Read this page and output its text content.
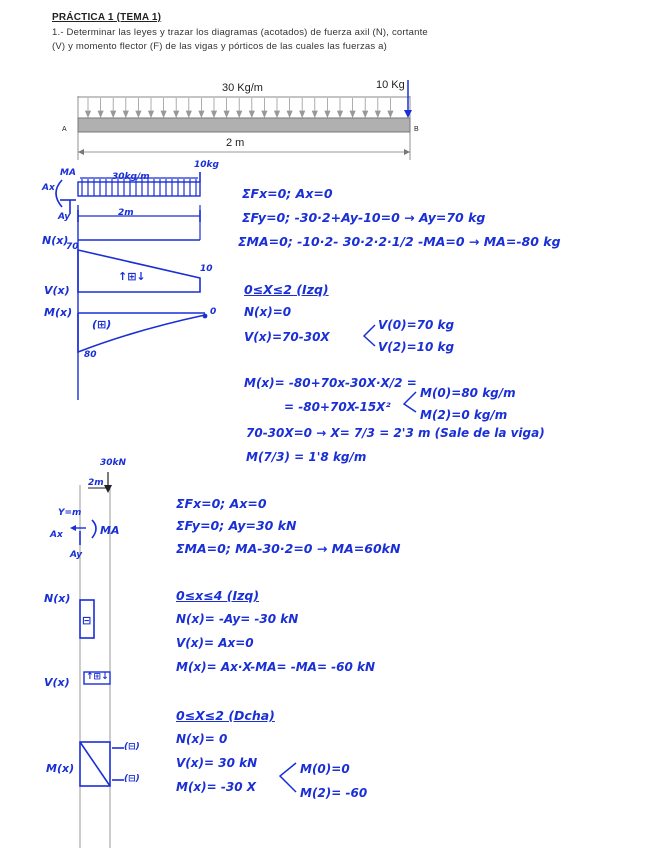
PRÁCTICA 1 (TEMA 1)
1.- Determinar las leyes y trazar los diagramas (acotados) de fuerza axil (N), cortante (V) y momento flector (F) de las vigas y pórticos de las cuales las fuerzas a)
30 Kg/m	10 Kg
2 m
A	B
MA
Ax
Ay
30kg/m
10kg
2m
N(x)
70
V(x)
10
↑⊞↓
M(x)
(⊞)
80
0
ΣFx=0; Ax=0
ΣFy=0; -30·2+Ay-10=0 → Ay=70 kg
ΣMA=0; -10·2- 30·2·2·1/2 -MA=0 → MA=-80 kg
0≤X≤2 (Izq)
N(x)=0
V(x)=70-30X
V(0)=70 kg
V(2)=10 kg
M(x)= -80+70x-30X·X/2 =
= -80+70X-15X²
M(0)=80 kg/m
M(2)=0 kg/m
70-30X=0 → X= 7/3 = 2'3 m (Sale de la viga)
M(7/3) = 1'8 kg/m
30kN
2m
Y=m
Ax
Ay
MA
N(x)
⊟
V(x) ↑⊞↓
M(x)
(⊟)
(⊟)
ΣFx=0; Ax=0
ΣFy=0; Ay=30 kN
ΣMA=0; MA-30·2=0 → MA=60kN
0≤x≤4 (Izq)
N(x)= -Ay= -30 kN
V(x)= Ax=0
M(x)= Ax·X-MA= -MA= -60 kN
0≤X≤2 (Dcha)
N(x)= 0
V(x)= 30 kN
M(x)= -30 X
M(0)=0
M(2)= -60
